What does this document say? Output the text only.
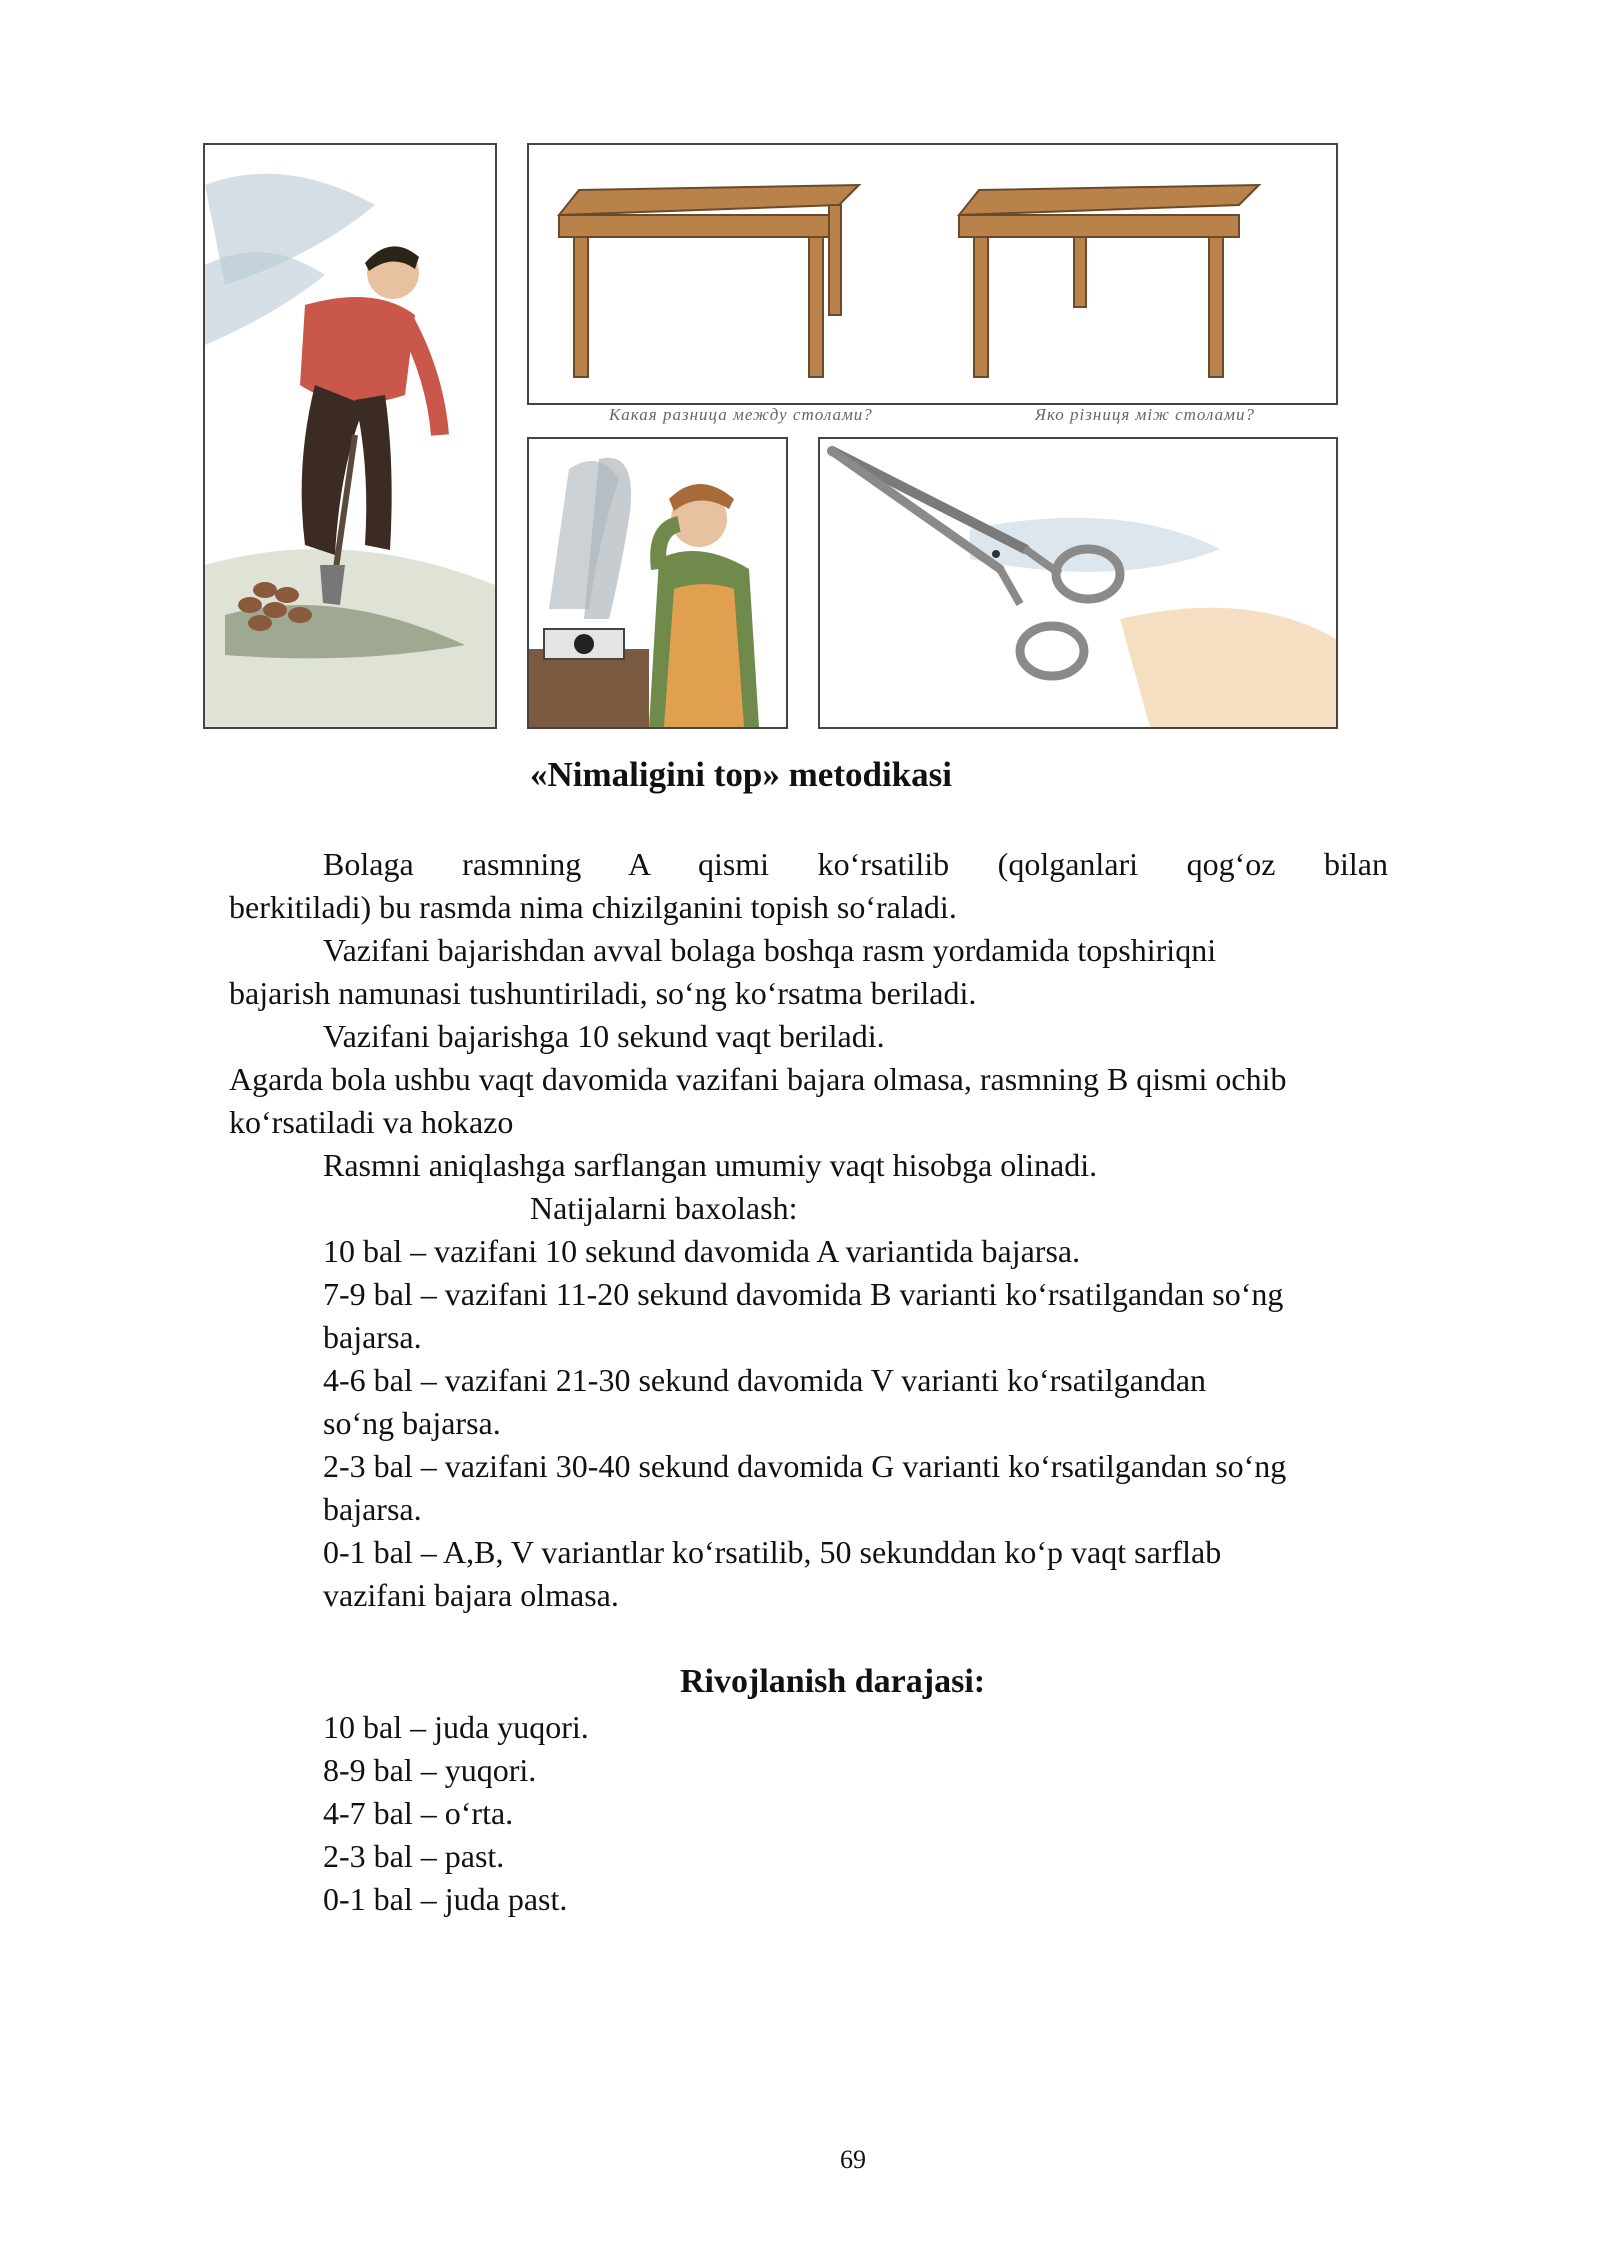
Какая разница между столами?	Яко різниця між столами?
«Nimaligini top» metodikasi
Bolaga rasmning A qismi ko‘rsatilib (qolganlari qog‘oz bilan
berkitiladi) bu rasmda nima chizilganini topish so‘raladi.
Vazifani bajarishdan avval bolaga boshqa rasm yordamida topshiriqni
bajarish namunasi tushuntiriladi, so‘ng ko‘rsatma beriladi.
Vazifani bajarishga 10 sekund vaqt beriladi.
Agarda bola ushbu vaqt davomida vazifani bajara olmasa, rasmning B qismi ochib
ko‘rsatiladi va hokazo
Rasmni aniqlashga sarflangan umumiy vaqt hisobga olinadi.
Natijalarni baxolash:
10 bal – vazifani 10 sekund davomida A variantida bajarsa.
7-9 bal – vazifani 11-20 sekund davomida B varianti ko‘rsatilgandan so‘ng
bajarsa.
4-6 bal – vazifani 21-30 sekund davomida V varianti ko‘rsatilgandan
so‘ng bajarsa.
2-3 bal – vazifani 30-40 sekund davomida G varianti ko‘rsatilgandan so‘ng
bajarsa.
0-1 bal – A,B, V variantlar ko‘rsatilib, 50 sekunddan ko‘p vaqt sarflab
vazifani bajara olmasa.
Rivojlanish darajasi:
10 bal – juda yuqori.
8-9 bal – yuqori.
4-7 bal – o‘rta.
2-3 bal – past.
0-1 bal – juda past.
69
